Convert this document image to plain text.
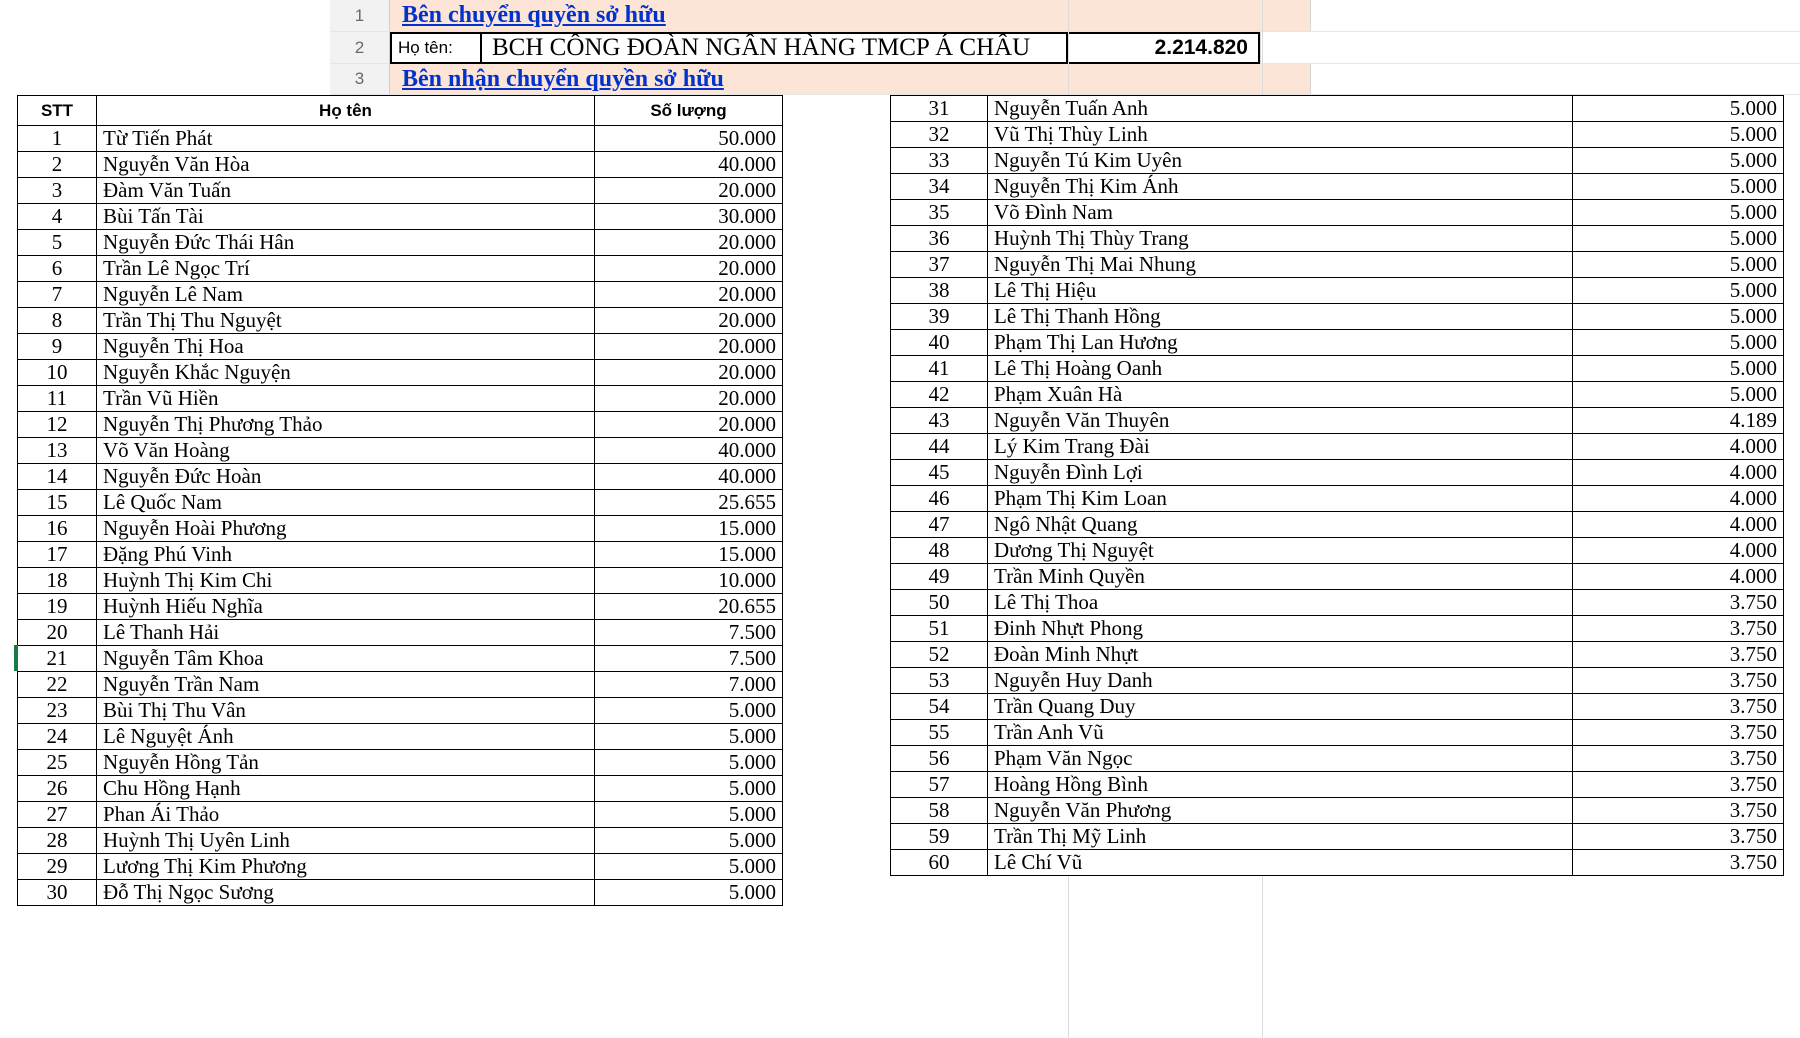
1	Bên chuyển quyền sở hữu
2	Họ tên:	BCH CÔNG ĐOÀN NGÂN HÀNG TMCP Á CHÂU	2.214.820
3	Bên nhận chuyển quyền sở hữu
STT	Họ tên	Số lượng
1	Từ Tiến Phát	50.000
2	Nguyễn Văn Hòa	40.000
3	Đàm Văn Tuấn	20.000
4	Bùi Tấn Tài	30.000
5	Nguyễn Đức Thái Hân	20.000
6	Trần Lê Ngọc Trí	20.000
7	Nguyễn Lê Nam	20.000
8	Trần Thị Thu Nguyệt	20.000
9	Nguyễn Thị Hoa	20.000
10	Nguyễn Khắc Nguyện	20.000
11	Trần Vũ Hiền	20.000
12	Nguyễn Thị Phương Thảo	20.000
13	Võ Văn Hoàng	40.000
14	Nguyễn Đức Hoàn	40.000
15	Lê Quốc Nam	25.655
16	Nguyễn Hoài Phương	15.000
17	Đặng Phú Vinh	15.000
18	Huỳnh Thị Kim Chi	10.000
19	Huỳnh Hiếu Nghĩa	20.655
20	Lê Thanh Hải	7.500
21	Nguyễn Tâm Khoa	7.500
22	Nguyễn Trần Nam	7.000
23	Bùi Thị Thu Vân	5.000
24	Lê Nguyệt Ánh	5.000
25	Nguyễn Hồng Tản	5.000
26	Chu Hồng Hạnh	5.000
27	Phan Ái Thảo	5.000
28	Huỳnh Thị Uyên Linh	5.000
29	Lương Thị Kim Phương	5.000
30	Đỗ Thị Ngọc Sương	5.000
31	Nguyễn Tuấn Anh	5.000
32	Vũ Thị Thùy Linh	5.000
33	Nguyễn Tú Kim Uyên	5.000
34	Nguyễn Thị Kim Ánh	5.000
35	Võ Đình Nam	5.000
36	Huỳnh Thị Thùy Trang	5.000
37	Nguyễn Thị Mai Nhung	5.000
38	Lê Thị Hiệu	5.000
39	Lê Thị Thanh Hồng	5.000
40	Phạm Thị Lan Hương	5.000
41	Lê Thị Hoàng Oanh	5.000
42	Phạm Xuân Hà	5.000
43	Nguyễn Văn Thuyên	4.189
44	Lý Kim Trang Đài	4.000
45	Nguyễn Đình Lợi	4.000
46	Phạm Thị Kim Loan	4.000
47	Ngô Nhật Quang	4.000
48	Dương Thị Nguyệt	4.000
49	Trần Minh Quyền	4.000
50	Lê Thị Thoa	3.750
51	Đinh Nhựt Phong	3.750
52	Đoàn Minh Nhựt	3.750
53	Nguyễn Huy Danh	3.750
54	Trần Quang Duy	3.750
55	Trần Anh Vũ	3.750
56	Phạm Văn Ngọc	3.750
57	Hoàng Hồng Bình	3.750
58	Nguyễn Văn Phương	3.750
59	Trần Thị Mỹ Linh	3.750
60	Lê Chí Vũ	3.750
